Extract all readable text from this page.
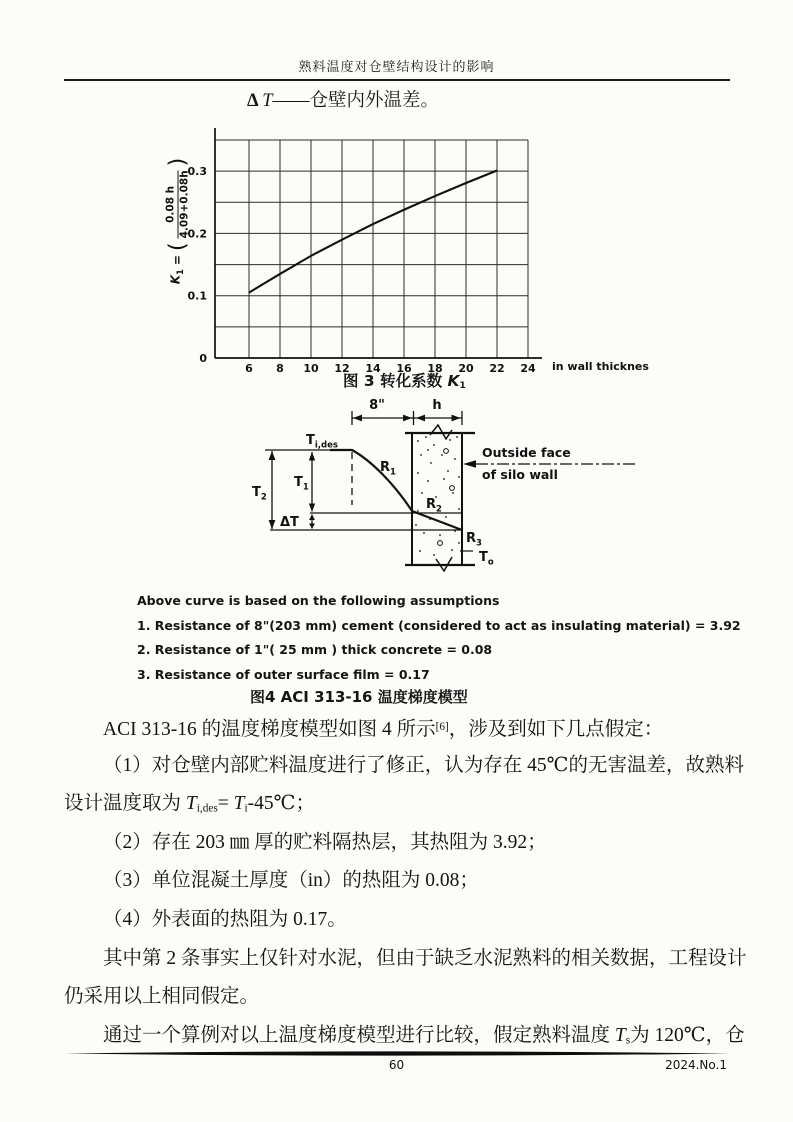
熟料温度对仓壁结构设计的影响
Δ T——仓壁内外温差。
6 8 10 12 14 16 18 20 22 24
0
0.1
0.2
0.3
in wall thicknes
$K_1$
=
(
0.08 h 4.09+0.08h
)
图 3 转化系数 K1
8"	h
$T_{i,des}$
$T_2$
$T_1$
ΔT
$R_1$
$R_2$
$R_3$
$T_o$
Outside face
of silo wall
Above curve is based on the following assumptions
1. Resistance of 8"(203 mm) cement (considered to act as insulating material) = 3.92
2. Resistance of 1"( 25 mm ) thick concrete = 0.08
3. Resistance of outer surface film = 0.17
图4 ACI 313-16 温度梯度模型
ACI 313-16 的温度梯度模型如图 4 所示[6]，涉及到如下几点假定：
（1）对仓壁内部贮料温度进行了修正，认为存在 45℃的无害温差，故熟料
设计温度取为 Ti,des= Ti-45℃；
（2）存在 203 ㎜ 厚的贮料隔热层，其热阻为 3.92；
（3）单位混凝土厚度（in）的热阻为 0.08；
（4）外表面的热阻为 0.17。
其中第 2 条事实上仅针对水泥，但由于缺乏水泥熟料的相关数据，工程设计
仍采用以上相同假定。
通过一个算例对以上温度梯度模型进行比较，假定熟料温度 Ts为 120℃，仓
60	2024.No.1
